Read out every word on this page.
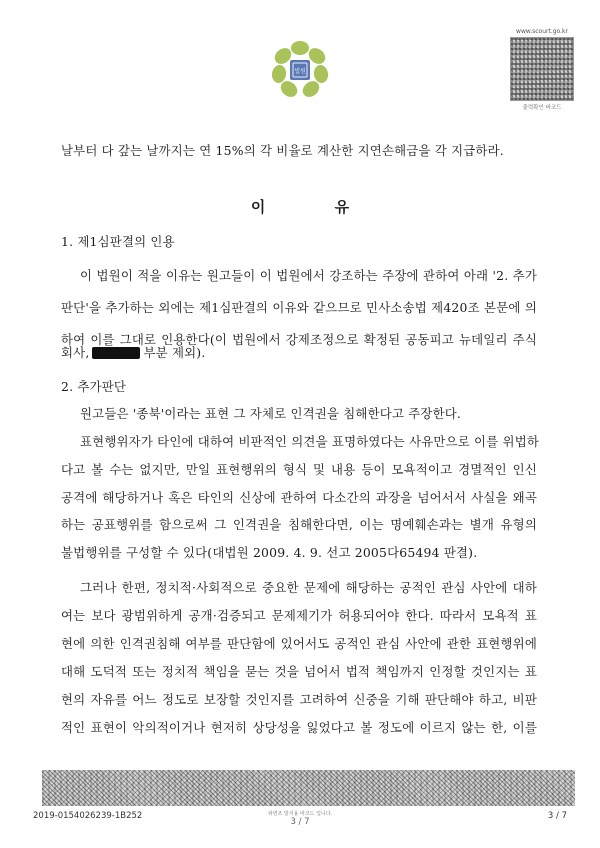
법원
www.scourt.go.kr
출력확인 바코드
날부터 다 갚는 날까지는 연 15%의 각 비율로 계산한 지연손해금을 각 지급하라.
이 유
1. 제1심판결의 인용
이 법원이 적을 이유는 원고들이 이 법원에서 강조하는 주장에 관하여 아래 '2. 추가
판단'을 추가하는 외에는 제1심판결의 이유와 같으므로 민사소송법 제420조 본문에 의
하여 이를 그대로 인용한다(이 법원에서 강제조정으로 확정된 공동피고 뉴데일리 주식
회사,	부분 제외).
2. 추가판단
원고들은 '종북'이라는 표현 그 자체로 인격권을 침해한다고 주장한다.
표현행위자가 타인에 대하여 비판적인 의견을 표명하였다는 사유만으로 이를 위법하
다고 볼 수는 없지만, 만일 표현행위의 형식 및 내용 등이 모욕적이고 경멸적인 인신
공격에 해당하거나 혹은 타인의 신상에 관하여 다소간의 과장을 넘어서서 사실을 왜곡
하는 공표행위를 함으로써 그 인격권을 침해한다면, 이는 명예훼손과는 별개 유형의
불법행위를 구성할 수 있다(대법원 2009. 4. 9. 선고 2005다65494 판결).
그러나 한편, 정치적·사회적으로 중요한 문제에 해당하는 공적인 관심 사안에 대하
여는 보다 광범위하게 공개·검증되고 문제제기가 허용되어야 한다. 따라서 모욕적 표
현에 의한 인격권침해 여부를 판단함에 있어서도 공적인 관심 사안에 관한 표현행위에
대해 도덕적 또는 정치적 책임을 묻는 것을 넘어서 법적 책임까지 인정할 것인지는 표
현의 자유를 어느 정도로 보장할 것인지를 고려하여 신중을 기해 판단해야 하고, 비판
적인 표현이 악의적이거나 현저히 상당성을 잃었다고 볼 정도에 이르지 않는 한, 이를
2019-0154026239-1B252	위변조 방지용 바코드 입니다.
3 / 7
3 / 7
